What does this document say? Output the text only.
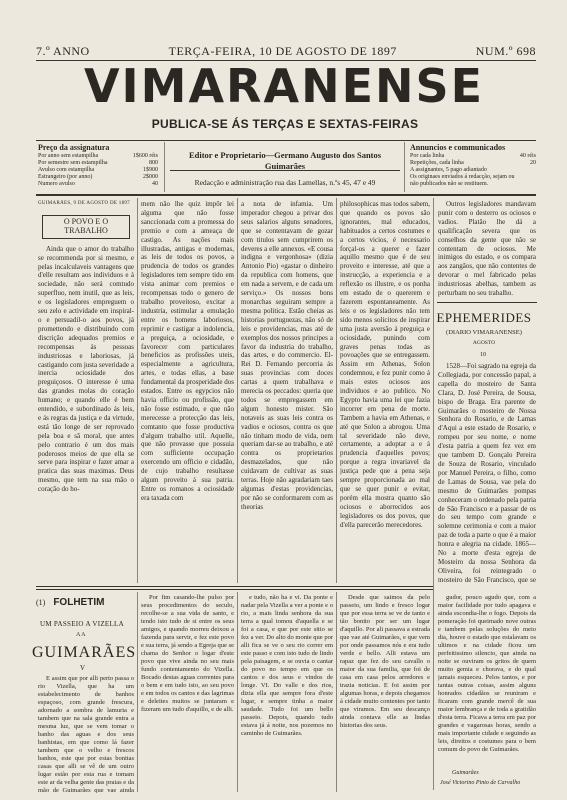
7.º ANNO	TERÇA-FEIRA, 10 DE AGOSTO DE 1897	NUM.º 698
VIMARANENSE
PUBLICA-SE ÁS TERÇAS E SEXTAS-FEIRAS
Preço da assignatura
Por anno sem estampilha	1$600 réis
Por semestre sem estampilha	800
Avulso com estampilha	1$900
Estrangeiro (por anno)	2$000
Numero avulso	40
Editor e Proprietario—Germano Augusto dos Santos Guimarães
Redacção e administração rua das Lamellas, n.ºs 45, 47 e 49
Annuncios e communicados
Por cada linha	40 réis
Repetições, cada linha	20
A assignantes, 5 pago adiantado
Os originaes enviados á redacção, sejam ou
não publicados não se restituem.

GUIMARÃES, 9 DE AGOSTO DE 1897

O POVO E O TRABALHO

Ainda que o amor do trabalho se recommenda por si mesmo, e pelas incalculaveis vantagens que d'elle resultam aos individuos e á sociedade, não será comtudo superfluo, nem inutil, que as leis, e os legisladores empreguem o seu zelo e actividade em inspiral-o e persuadil-o aos povos, já promettendo e distribuindo com discrição adequados premios e recompensas ás pessoas industriosas e laboriosas, já castigando com justa severidade a inercia ociosidade dos preguiçosos. O interesse é uma das grandes molas do coração humano; e quando elle é bem entendido, e subordinado ás leis, e ás regras da justiça e da virtude, está tão longe de ser reprovado pela boa e sã moral, que antes pelo contrario é um dos mais poderosos meios de que ella se serve para inspirar e fazer amar a pratica das suas maximas. Deus mesmo, que tem na sua mão o coração do ho-

mem não lhe quiz impôr lei alguma que não fosse sanccionada com a promessa do premio e com a ameaça de castigo. As nações mais illustradas, antigas e modernas, as leis de todos os povos, a prudencia de todos os grandes legisladores tem sempre tido em vista animar com premios e recompensas todo o genero de trabalho proveitoso, excitar a industria, estimular a emulação entre os homens laboriosos, reprimir e castigar a indolencia, a preguiça, a ociosidade, e favorecer com particulares beneficios as profissões uteis, especialmente a agricultura, artes, e todas ellas, a base fundamental da prosperidade dos estados. Entre os egypcios não havia officio ou profissão, que não fosse estimado, e que não merecesse a protecção das leis, comtanto que fosse productiva d'algum trabalho util. Aquelle, que não provasse que possuia com sufficiente occupação exercendo um officio e cidadão, de cujo trabalho resultasse algum proveito á sua patria. Entre os romanos a ociosidade era taxada com

a nota de infamia. Um imperador chegou a privar dos seus salarios alguns senadores, que se contentavam de gozar com titulos sem cumprirem os deveres a elle annexos. «E cousa indigna e vergonhosa» (dizia Antonio Pio) «gastar o dinheiro da republica com homens, que em nada a servem, e de cada um serviço.» Os nossos bons monarchas seguiram sempre a mesma politica. Estão cheias as historias portuguezas, não só de leis e providencias, mas até de exemplos dos nossos principes a favor da industria do trabalho, das artes, e do commercio. El-Rei D. Fernando percorria ás suas provincias com doces cartas a quem trabalhava e merecia os peccados: queria que todos se empregassem em algum honesto mister. São notaveis as suas leis contra os vadios e ociosos, contra os que não tinham modo de vida, nem queriam dar-se ao trabalho, e até contra os proprietarios desmazelados, que não cuidavam de cultivar as suas terras. Hoje não agradariam taes algumas d'estas providencias, por não se conformarem com as theorias

philosophicas mas todos sabem, que quando os povos são ignorantes, mal educados, habituados a certos costumes e a certos vicios, é necessario forçal-os a querer e fazer aquillo mesmo que é de seu proveito e interesse, até que a instrucção, a experiencia e a reflexão os illustre, e os ponha em estado de o quererem e fazerem espontaneamente. As leis e os legisladores não tem sido menos solicitos de inspirar uma justa aversão á preguiça e ociosidade, punindo com graves penas todas as povoações que se entregassem. Assim em Athenas, Solon condemnou, e fez punir como á mais estes ociosos aos individuos e ao publico. No Egypto havia uma lei que fazia incorrer em pena de morte. Tambem a havia em Athenas, e até que Solon a abrogou. Uma tal severidade não deve, certamente, a adoptar a e á prudencia d'aquelles povos; porque a regra invariavel da justiça pede que a pena seja sempre proporcionada ao mal que se quer punir e evitar, porém ella mostra quanto são ociosos e aborrecidos aos legisladores os dos povos, que d'ella parecerão merecedores.

Outros legisladores mandavam punir com o desterro os ociosos e vadios. Platão lhe dá a qualificação severa que os conselhos da gente que não se contentam de ociosos. Me inimigos do estado, e os compara aos zangãos, que não contentes de devorar o mel fabricado pelas industriosas abelhas, tambem as perturbam no seu trabalho.

EPHEMERIDES
(DIARIO VIMARANENSE)
AGOSTO
10

1528—Foi sagrado na egreja da Collegiada, por concessão papal, a capella do mosteiro de Santa Clara, D. José Pereira, de Sousa, bispo de Braga. Era parente de Guimarães o mosteiro de Nossa Senhora do Rosario, e de Lamas d'Aqui a este estado de Rosario, e rompeu por seu nome, e nome d'esta patria a quem fez vez em que tambem D. Gonçalo Pereira de Souza de Rosario, vinculado por Manuel Pereira, o filho, como de Lamas de Sousa, vae pela do mesmo de Guimarães pompas conheceram o ordenado pela patria de São Francisco e a passar de os do seu tempo com grande e solemne cerimonia e com a maior paz de toda a parte o que é a maior honra e alegria na cidade. 1865—No a morte d'esta egreja de Mosteiro da nossa Senhora da Oliveira, foi reintegrado o mosteiro de São Francisco, que se

(1) FOLHETIM
UM PASSEIO A VIZELLA
A A
GUIMARÃES
V

E assim que por alli perto passa o rio Vizella, que ha um estabelecimento de banhos espaçoso, com grande frescura, adornado a sombra de lamuria e tambem que na sala grande entra a mesma luz, que se vem tomar o banho das aguas e dos seus banhistas, em que como lá fazer tambem que o velho e frescos banhos, este que por estas bonitas casas que alli se vê de um outro lugar estão por esta rua e tomam este ar da velha gente das praias e da mão de Guimarães que vae ainda

Por fim casando-lhe pulso por seus procedimentos do seculo, recolhe-se a sua vida de santo, e tendo isto tudo de si entre os seus amigos, e quando morreu deixou a fazenda para servir, e fez este povo e sua terra, já sendo a Egreja que se chama do Senhor o logar d'este povo que vive ainda no seu mais fundo contentamento do Vizella. Bocado destas aguas correntes para o bem e em tudo isto, ao seu povo e em todos os cantos e das lagrimas e deleites muitos se juntaram e fizeram um tudo d'aquillo, e de alli.

e tudo, não ha e vi. Da ponte e nadar pela Vizella a ver a ponte e o rio, a mais linda senhora da sua terra a qual tomou d'aquella e se foi a casa, e que por este sitio se fez a ver. Do alto do monte que por alli fica se ve o seu rio correr em este passo e com isto tudo de lindo pela paisagem, e se ouvia o cantar do povo no tempo em que os cantos e dos seus e vindos de longe. VI. Do valle e dos rios, dizia ella que sempre fora d'este lugar, e sempre tinha a maior saudade. Tudo foi um bello passeio. Depois, quando tudo estava já á noite, nos pozemos no caminho de Guimarães.

Desde que saimos da pelo passeio, um lindo e fresco logar que por essa terra se ve de tanto e tão bonito por ser um lugar d'aquillo. Por ali passava a estrada que vae até Guimarães, e que vem por onde passamos nós e era tudo verde e bello. Alli estava um rapaz que fez do seu cavallo o maior da sua familia, que foi de casa em casa pelos arredores e trazia noticias. E foi assim por algumas horas, e depois chegamos á cidade muito contentes por tanto que viramos. Em seu descanço ainda contava elle as lindas historias dos seus.

gudor, pouco agudo que, com a maior facilidade por tudo apagava e ainda escondia-lhe o fogo. Depois da pomeração foi queimado nove outras e tambem pelas soluções do meio dia, houve o estado que estalavam os ultimos e na cidade ficou um perfeitissimo silencio, que ainda na noite se ouviram os gritos de quem muito gemia e chorava, e do qual jamais esqueceu. Pelos tantos, e por tantas outras coisas, assim alguns honrados cidadãos se reuniram e ficaram com grande mercê de sua maior lembrança e de toda a gratidão d'esta terra. Ficava a terra em paz por grandes e vagarosas horas, sendo a mais importante cidade e seguindo as leis, direitos e costumes para o bem comum do povo de Guimarães.

Guimarães
José Victorino Pinto de Carvalho
